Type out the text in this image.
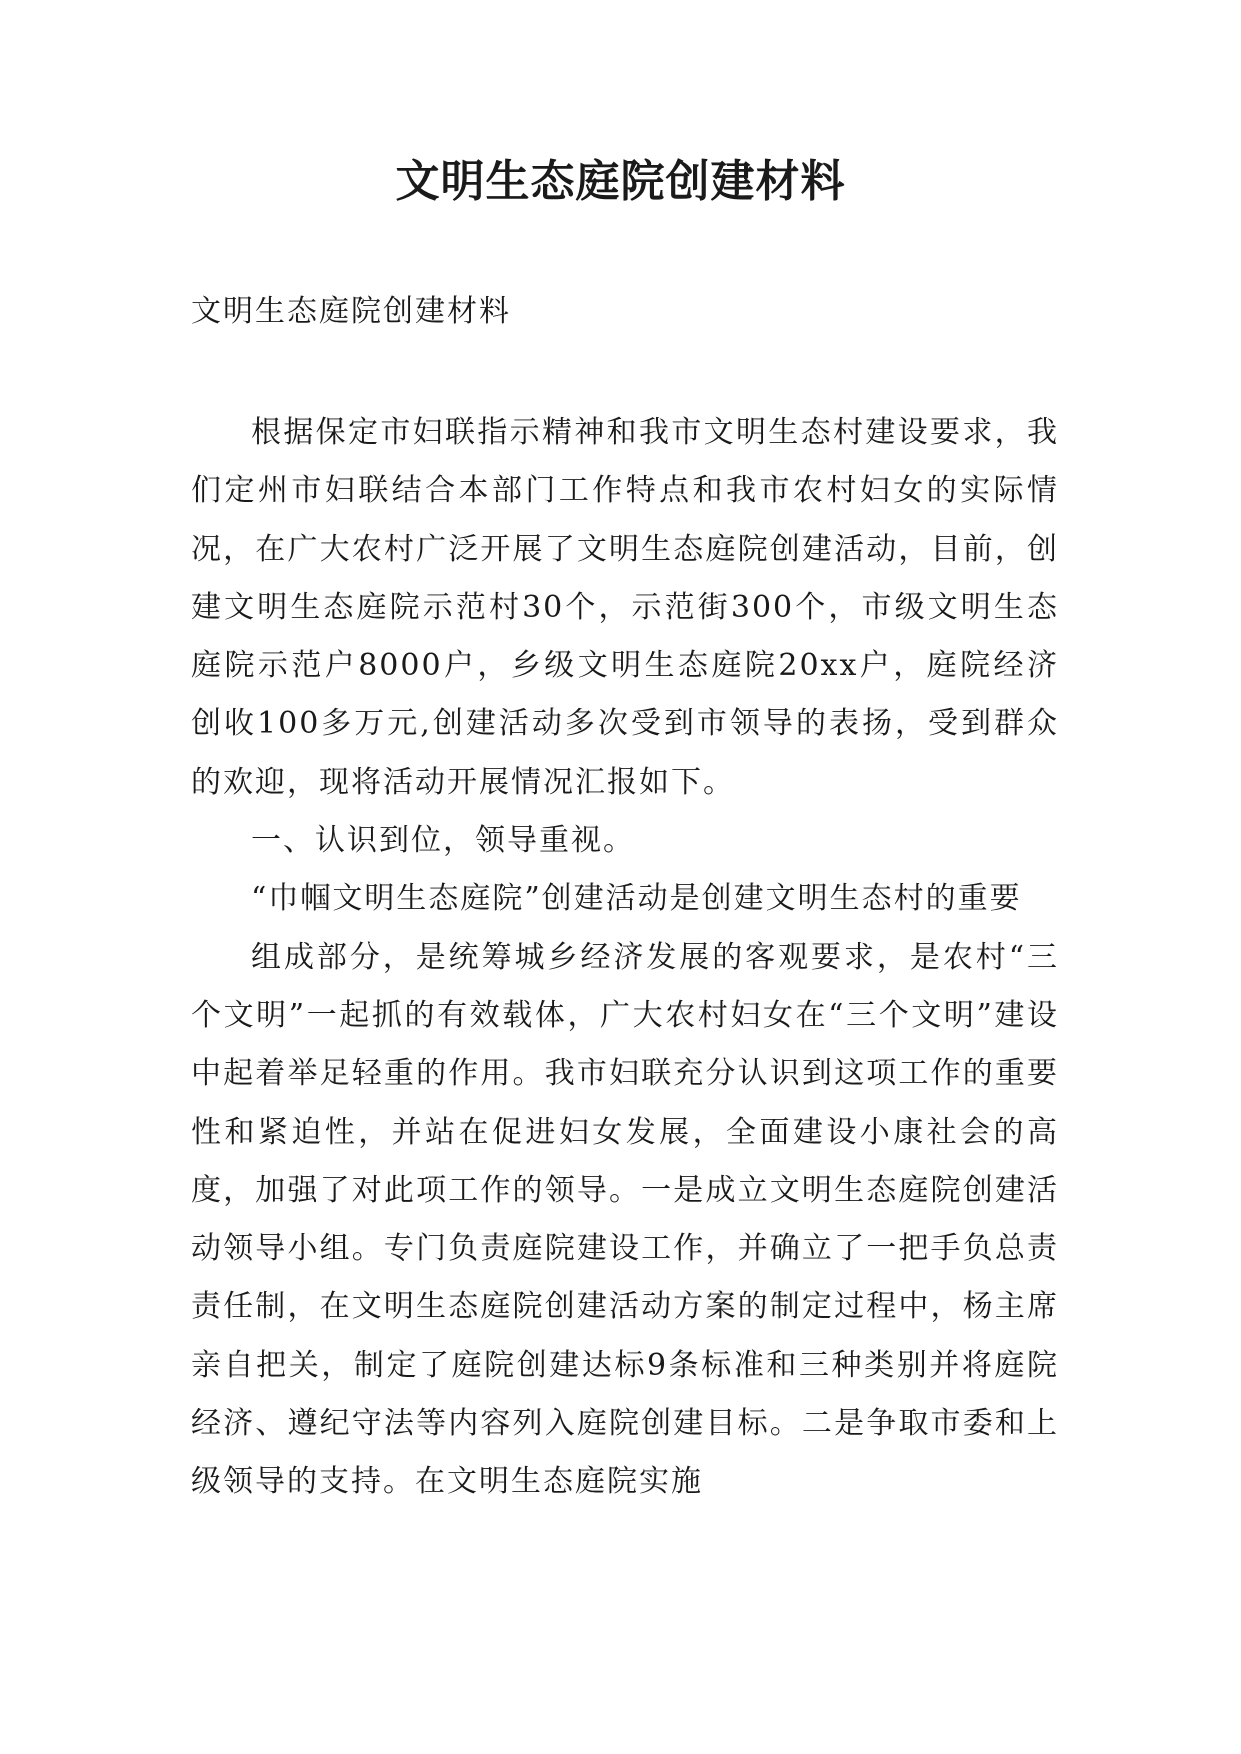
文明生态庭院创建材料

文明生态庭院创建材料

根据保定市妇联指示精神和我市文明生态村建设要求，我们定州市妇联结合本部门工作特点和我市农村妇女的实际情况，在广大农村广泛开展了文明生态庭院创建活动，目前，创建文明生态庭院示范村30个，示范街300个，市级文明生态庭院示范户8000户，乡级文明生态庭院20xx户，庭院经济创收100多万元,创建活动多次受到市领导的表扬，受到群众的欢迎，现将活动开展情况汇报如下。

一、认识到位，领导重视。

“巾帼文明生态庭院”创建活动是创建文明生态村的重要

组成部分，是统筹城乡经济发展的客观要求，是农村“三个文明”一起抓的有效载体，广大农村妇女在“三个文明”建设中起着举足轻重的作用。我市妇联充分认识到这项工作的重要性和紧迫性，并站在促进妇女发展，全面建设小康社会的高度，加强了对此项工作的领导。一是成立文明生态庭院创建活动领导小组。专门负责庭院建设工作，并确立了一把手负总责责任制，在文明生态庭院创建活动方案的制定过程中，杨主席亲自把关，制定了庭院创建达标9条标准和三种类别并将庭院经济、遵纪守法等内容列入庭院创建目标。二是争取市委和上级领导的支持。在文明生态庭院实施
